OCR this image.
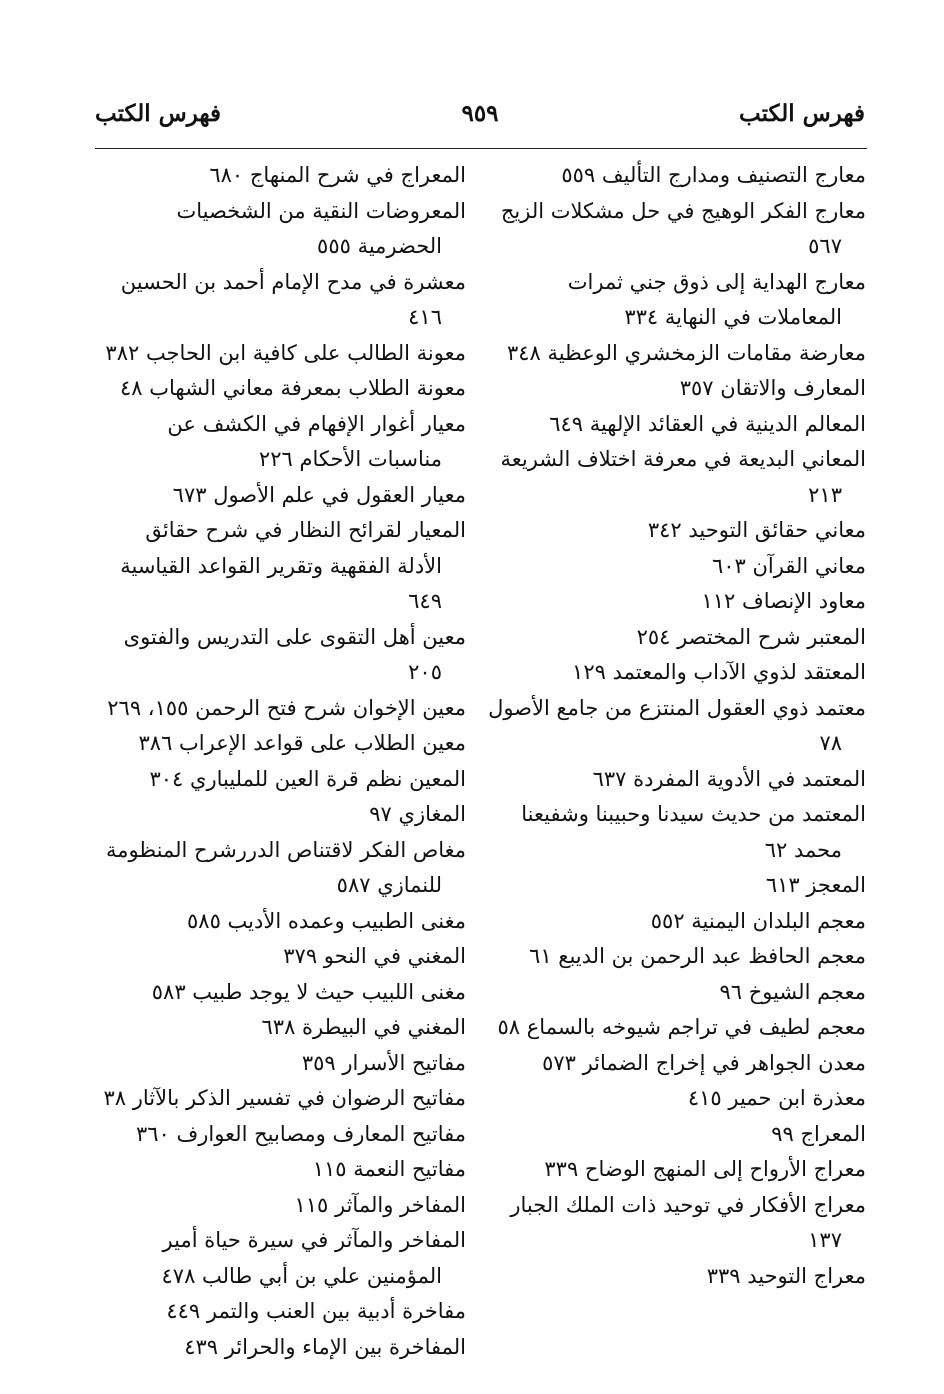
فهرس الكتب
٩٥٩
فهرس الكتب
معارج التصنيف ومدارج التأليف ٥٥٩
معارج الفكر الوهيج في حل مشكلات الزيج ٥٦٧
معارج الهداية إلى ذوق جني ثمرات المعاملات في النهاية ٣٣٤
معارضة مقامات الزمخشري الوعظية ٣٤٨
المعارف والاتقان ٣٥٧
المعالم الدينية في العقائد الإلهية ٦٤٩
المعاني البديعة في معرفة اختلاف الشريعة ٢١٣
معاني حقائق التوحيد ٣٤٢
معاني القرآن ٦٠٣
معاود الإنصاف ١١٢
المعتبر شرح المختصر ٢٥٤
المعتقد لذوي الآداب والمعتمد ١٢٩
معتمد ذوي العقول المنتزع من جامع الأصول ٧٨
المعتمد في الأدوية المفردة ٦٣٧
المعتمد من حديث سيدنا وحبيبنا وشفيعنا محمد ٦٢
المعجز ٦١٣
معجم البلدان اليمنية ٥٥٢
معجم الحافظ عبد الرحمن بن الديبع ٦١
معجم الشيوخ ٩٦
معجم لطيف في تراجم شيوخه بالسماع ٥٨
معدن الجواهر في إخراج الضمائر ٥٧٣
معذرة ابن حمير ٤١٥
المعراج ٩٩
معراج الأرواح إلى المنهج الوضاح ٣٣٩
معراج الأفكار في توحيد ذات الملك الجبار ١٣٧
معراج التوحيد ٣٣٩
المعراج في شرح المنهاج ٦٨٠
المعروضات النقية من الشخصيات الحضرمية ٥٥٥
معشرة في مدح الإمام أحمد بن الحسين ٤١٦
معونة الطالب على كافية ابن الحاجب ٣٨٢
معونة الطلاب بمعرفة معاني الشهاب ٤٨
معيار أغوار الإفهام في الكشف عن مناسبات الأحكام ٢٢٦
معيار العقول في علم الأصول ٦٧٣
المعيار لقرائح النظار في شرح حقائق الأدلة الفقهية وتقرير القواعد القياسية ٦٤٩
معين أهل التقوى على التدريس والفتوى ٢٠٥
معين الإخوان شرح فتح الرحمن ١٥٥، ٢٦٩
معين الطلاب على قواعد الإعراب ٣٨٦
المعين نظم قرة العين للمليباري ٣٠٤
المغازي ٩٧
مغاص الفكر لاقتناص الدررشرح المنظومة للنمازي ٥٨٧
مغنى الطبيب وعمده الأديب ٥٨٥
المغني في النحو ٣٧٩
مغنى اللبيب حيث لا يوجد طبيب ٥٨٣
المغني في البيطرة ٦٣٨
مفاتيح الأسرار ٣٥٩
مفاتيح الرضوان في تفسير الذكر بالآثار ٣٨
مفاتيح المعارف ومصابيح العوارف ٣٦٠
مفاتيح النعمة ١١٥
المفاخر والمآثر ١١٥
المفاخر والمآثر في سيرة حياة أمير المؤمنين علي بن أبي طالب ٤٧٨
مفاخرة أدبية بين العنب والتمر ٤٤٩
المفاخرة بين الإماء والحرائر ٤٣٩
